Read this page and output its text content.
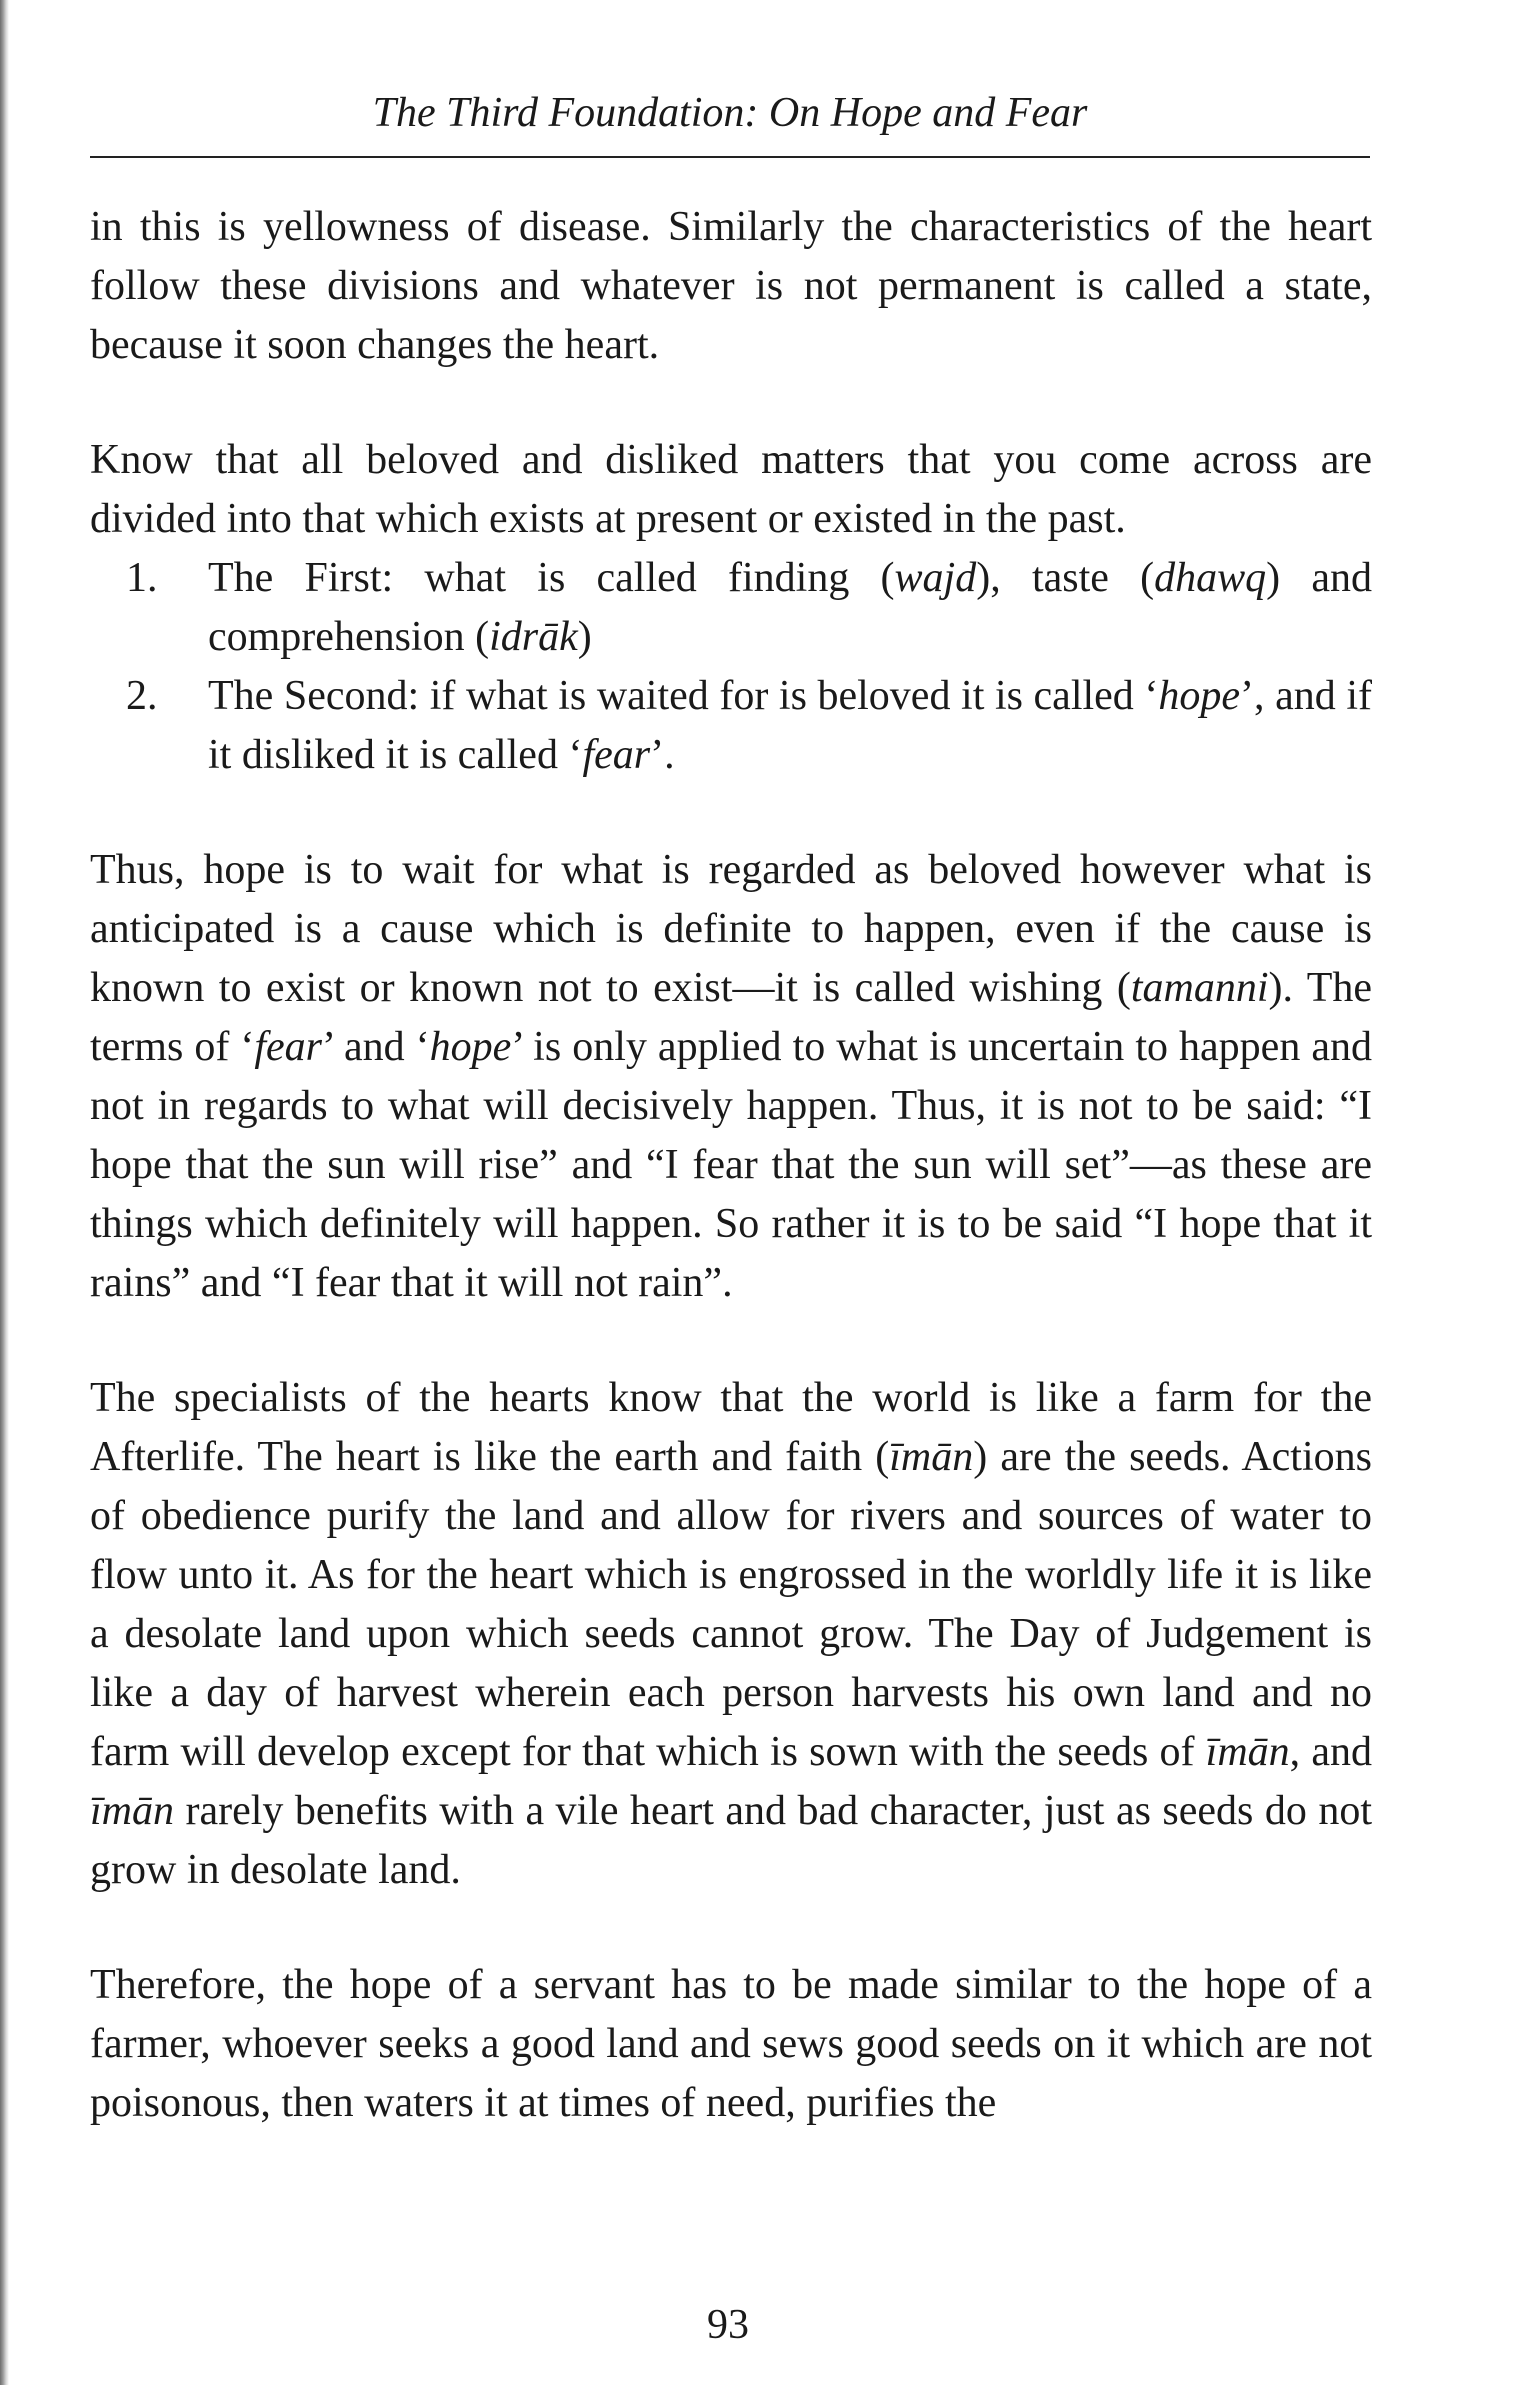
The Third Foundation: On Hope and Fear

in this is yellowness of disease. Similarly the characteristics of the heart follow these divisions and whatever is not permanent is called a state, because it soon changes the heart.

Know that all beloved and disliked matters that you come across are divided into that which exists at present or existed in the past.

1. The First: what is called finding (wajd), taste (dhawq) and comprehension (idrāk)
2. The Second: if what is waited for is beloved it is called ‘hope’, and if it disliked it is called ‘fear’.

Thus, hope is to wait for what is regarded as beloved however what is anticipated is a cause which is definite to happen, even if the cause is known to exist or known not to exist—it is called wishing (tamanni). The terms of ‘fear’ and ‘hope’ is only applied to what is uncertain to happen and not in regards to what will decisively happen. Thus, it is not to be said: “I hope that the sun will rise” and “I fear that the sun will set”—as these are things which definitely will happen. So rather it is to be said “I hope that it rains” and “I fear that it will not rain”.

The specialists of the hearts know that the world is like a farm for the Afterlife. The heart is like the earth and faith (īmān) are the seeds. Actions of obedience purify the land and allow for rivers and sources of water to flow unto it. As for the heart which is engrossed in the worldly life it is like a desolate land upon which seeds cannot grow. The Day of Judgement is like a day of harvest wherein each person harvests his own land and no farm will develop except for that which is sown with the seeds of īmān, and īmān rarely benefits with a vile heart and bad character, just as seeds do not grow in desolate land.

Therefore, the hope of a servant has to be made similar to the hope of a farmer, whoever seeks a good land and sews good seeds on it which are not poisonous, then waters it at times of need, purifies the

93
